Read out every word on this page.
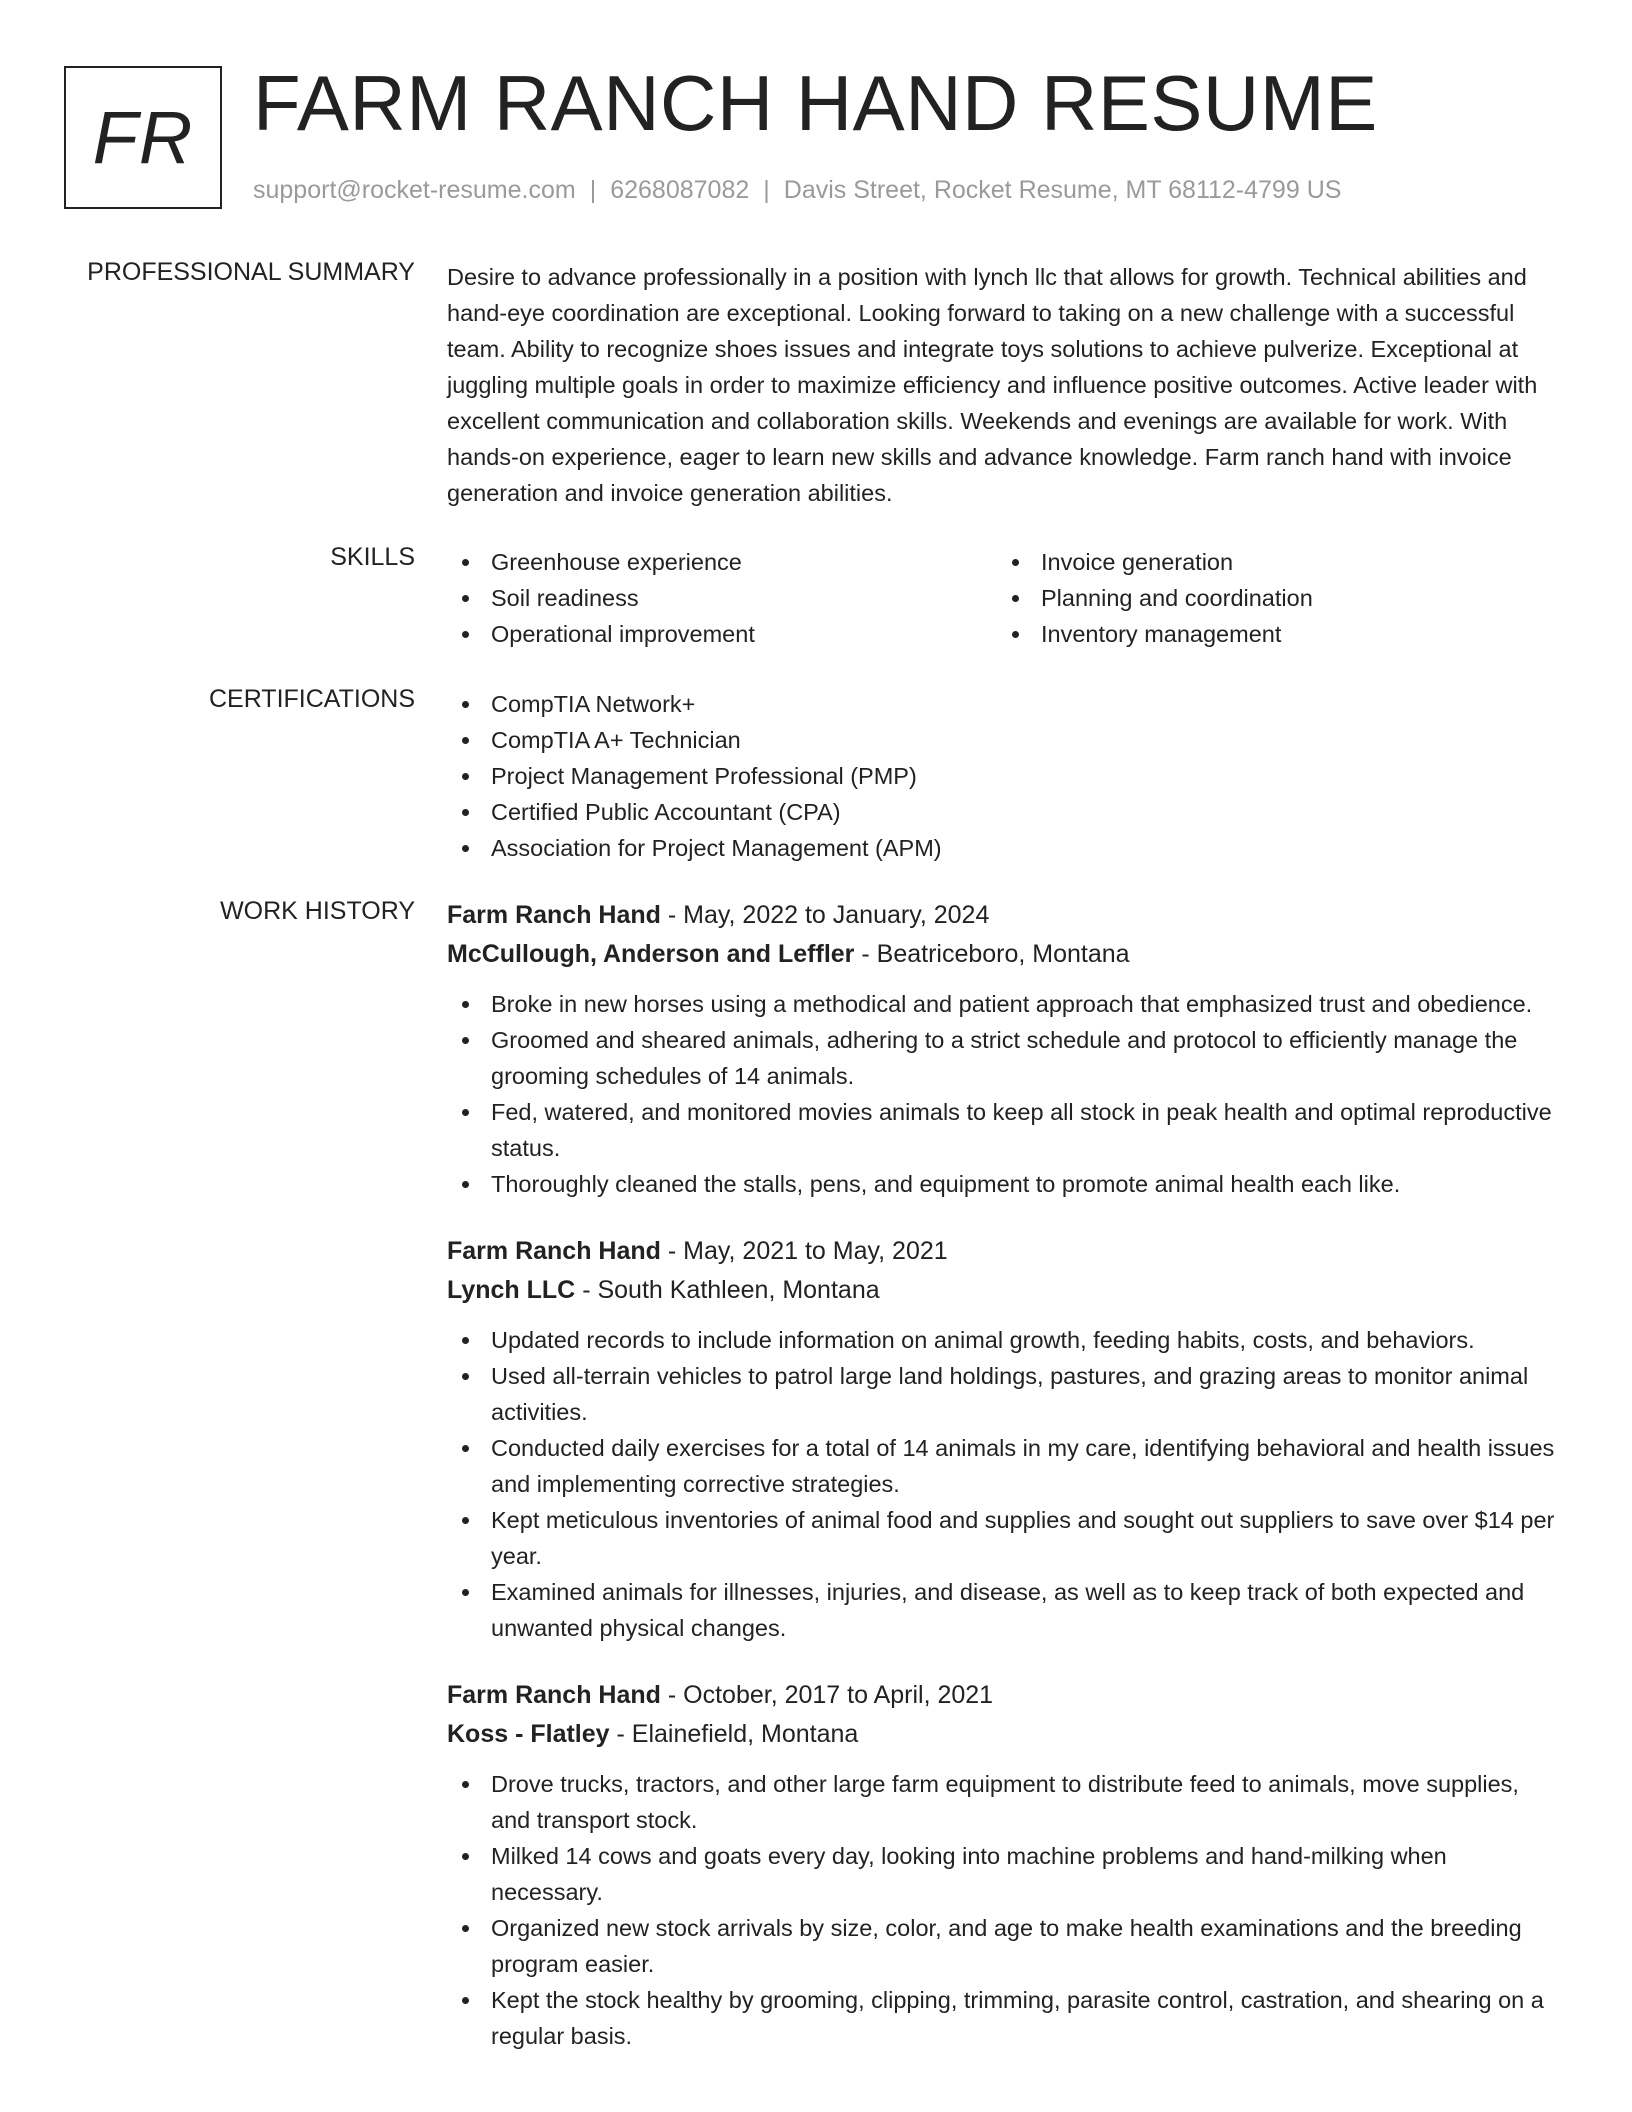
FR FARM RANCH HAND RESUME
support@rocket-resume.com | 6268087082 | Davis Street, Rocket Resume, MT 68112-4799 US
PROFESSIONAL SUMMARY Desire to advance professionally in a position with lynch llc that allows for growth. Technical abilities and hand-eye coordination are exceptional. Looking forward to taking on a new challenge with a successful team. Ability to recognize shoes issues and integrate toys solutions to achieve pulverize. Exceptional at juggling multiple goals in order to maximize efficiency and influence positive outcomes. Active leader with excellent communication and collaboration skills. Weekends and evenings are available for work. With hands-on experience, eager to learn new skills and advance knowledge. Farm ranch hand with invoice generation and invoice generation abilities.
SKILLS	Greenhouse experience
Soil readiness
Operational improvement
Invoice generation
Planning and coordination
Inventory management
CERTIFICATIONS	CompTIA Network+
CompTIA A+ Technician
Project Management Professional (PMP)
Certified Public Accountant (CPA)
Association for Project Management (APM)
WORK HISTORY Farm Ranch Hand - May, 2022 to January, 2024
McCullough, Anderson and Leffler - Beatriceboro, Montana
Broke in new horses using a methodical and patient approach that emphasized trust and obedience.
Groomed and sheared animals, adhering to a strict schedule and protocol to efficiently manage the grooming schedules of 14 animals.
Fed, watered, and monitored movies animals to keep all stock in peak health and optimal reproductive status.
Thoroughly cleaned the stalls, pens, and equipment to promote animal health each like.
Farm Ranch Hand - May, 2021 to May, 2021
Lynch LLC - South Kathleen, Montana
Updated records to include information on animal growth, feeding habits, costs, and behaviors.
Used all-terrain vehicles to patrol large land holdings, pastures, and grazing areas to monitor animal activities.
Conducted daily exercises for a total of 14 animals in my care, identifying behavioral and health issues and implementing corrective strategies.
Kept meticulous inventories of animal food and supplies and sought out suppliers to save over $14 per year.
Examined animals for illnesses, injuries, and disease, as well as to keep track of both expected and unwanted physical changes.
Farm Ranch Hand - October, 2017 to April, 2021
Koss - Flatley - Elainefield, Montana
Drove trucks, tractors, and other large farm equipment to distribute feed to animals, move supplies, and transport stock.
Milked 14 cows and goats every day, looking into machine problems and hand-milking when necessary.
Organized new stock arrivals by size, color, and age to make health examinations and the breeding program easier.
Kept the stock healthy by grooming, clipping, trimming, parasite control, castration, and shearing on a regular basis.
